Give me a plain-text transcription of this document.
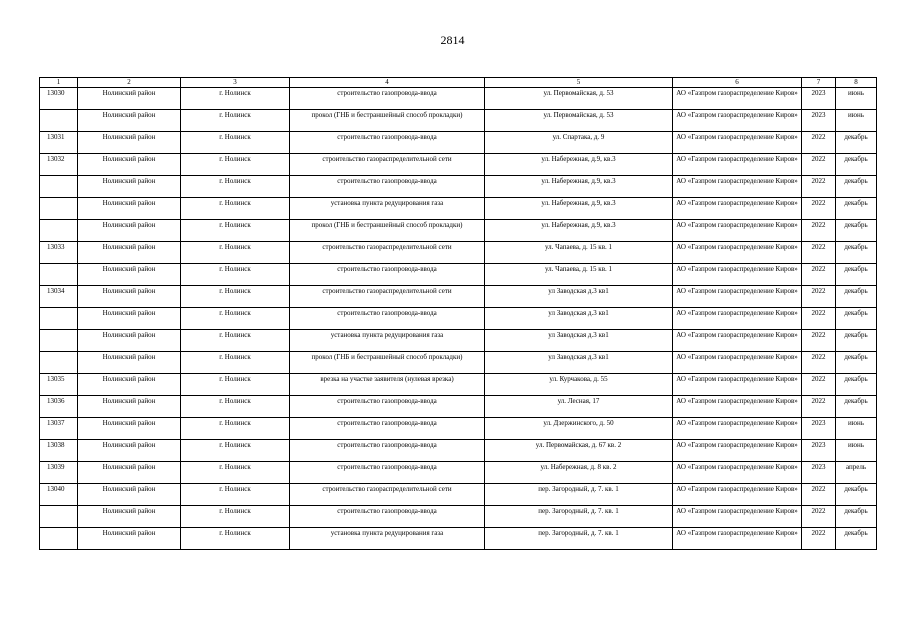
2814
1	2	3	4	5	6	7	8
13030	Нолинский район	г. Нолинск	строительство газопровода-ввода	ул. Первомайская, д. 53	АО «Газпром газораспределение Киров»	2023	июнь
	Нолинский район	г. Нолинск	прокол (ГНБ и бестраншейный способ прокладки)	ул. Первомайская, д. 53	АО «Газпром газораспределение Киров»	2023	июнь
13031	Нолинский район	г. Нолинск	строительство газопровода-ввода	ул. Спартака, д. 9	АО «Газпром газораспределение Киров»	2022	декабрь
13032	Нолинский район	г. Нолинск	строительство газораспределительной сети	ул. Набережная, д.9, кв.3	АО «Газпром газораспределение Киров»	2022	декабрь
	Нолинский район	г. Нолинск	строительство газопровода-ввода	ул. Набережная, д.9, кв.3	АО «Газпром газораспределение Киров»	2022	декабрь
	Нолинский район	г. Нолинск	установка пункта редуцирования газа	ул. Набережная, д.9, кв.3	АО «Газпром газораспределение Киров»	2022	декабрь
	Нолинский район	г. Нолинск	прокол (ГНБ и бестраншейный способ прокладки)	ул. Набережная, д.9, кв.3	АО «Газпром газораспределение Киров»	2022	декабрь
13033	Нолинский район	г. Нолинск	строительство газораспределительной сети	ул. Чапаева, д. 15 кв. 1	АО «Газпром газораспределение Киров»	2022	декабрь
	Нолинский район	г. Нолинск	строительство газопровода-ввода	ул. Чапаева, д. 15 кв. 1	АО «Газпром газораспределение Киров»	2022	декабрь
13034	Нолинский район	г. Нолинск	строительство газораспределительной сети	ул Заводская д.3 кв1	АО «Газпром газораспределение Киров»	2022	декабрь
	Нолинский район	г. Нолинск	строительство газопровода-ввода	ул Заводская д.3 кв1	АО «Газпром газораспределение Киров»	2022	декабрь
	Нолинский район	г. Нолинск	установка пункта редуцирования газа	ул Заводская д.3 кв1	АО «Газпром газораспределение Киров»	2022	декабрь
	Нолинский район	г. Нолинск	прокол (ГНБ и бестраншейный способ прокладки)	ул Заводская д.3 кв1	АО «Газпром газораспределение Киров»	2022	декабрь
13035	Нолинский район	г. Нолинск	врезка на участке заявителя (нулевая врезка)	ул. Курчакова, д. 55	АО «Газпром газораспределение Киров»	2022	декабрь
13036	Нолинский район	г. Нолинск	строительство газопровода-ввода	ул. Лесная, 17	АО «Газпром газораспределение Киров»	2022	декабрь
13037	Нолинский район	г. Нолинск	строительство газопровода-ввода	ул. Дзержинского, д. 50	АО «Газпром газораспределение Киров»	2023	июнь
13038	Нолинский район	г. Нолинск	строительство газопровода-ввода	ул. Первомайская, д. 67 кв. 2	АО «Газпром газораспределение Киров»	2023	июнь
13039	Нолинский район	г. Нолинск	строительство газопровода-ввода	ул. Набережная, д. 8 кв. 2	АО «Газпром газораспределение Киров»	2023	апрель
13040	Нолинский район	г. Нолинск	строительство газораспределительной сети	пер. Загородный, д. 7. кв. 1	АО «Газпром газораспределение Киров»	2022	декабрь
	Нолинский район	г. Нолинск	строительство газопровода-ввода	пер. Загородный, д. 7. кв. 1	АО «Газпром газораспределение Киров»	2022	декабрь
	Нолинский район	г. Нолинск	установка пункта редуцирования газа	пер. Загородный, д. 7. кв. 1	АО «Газпром газораспределение Киров»	2022	декабрь
